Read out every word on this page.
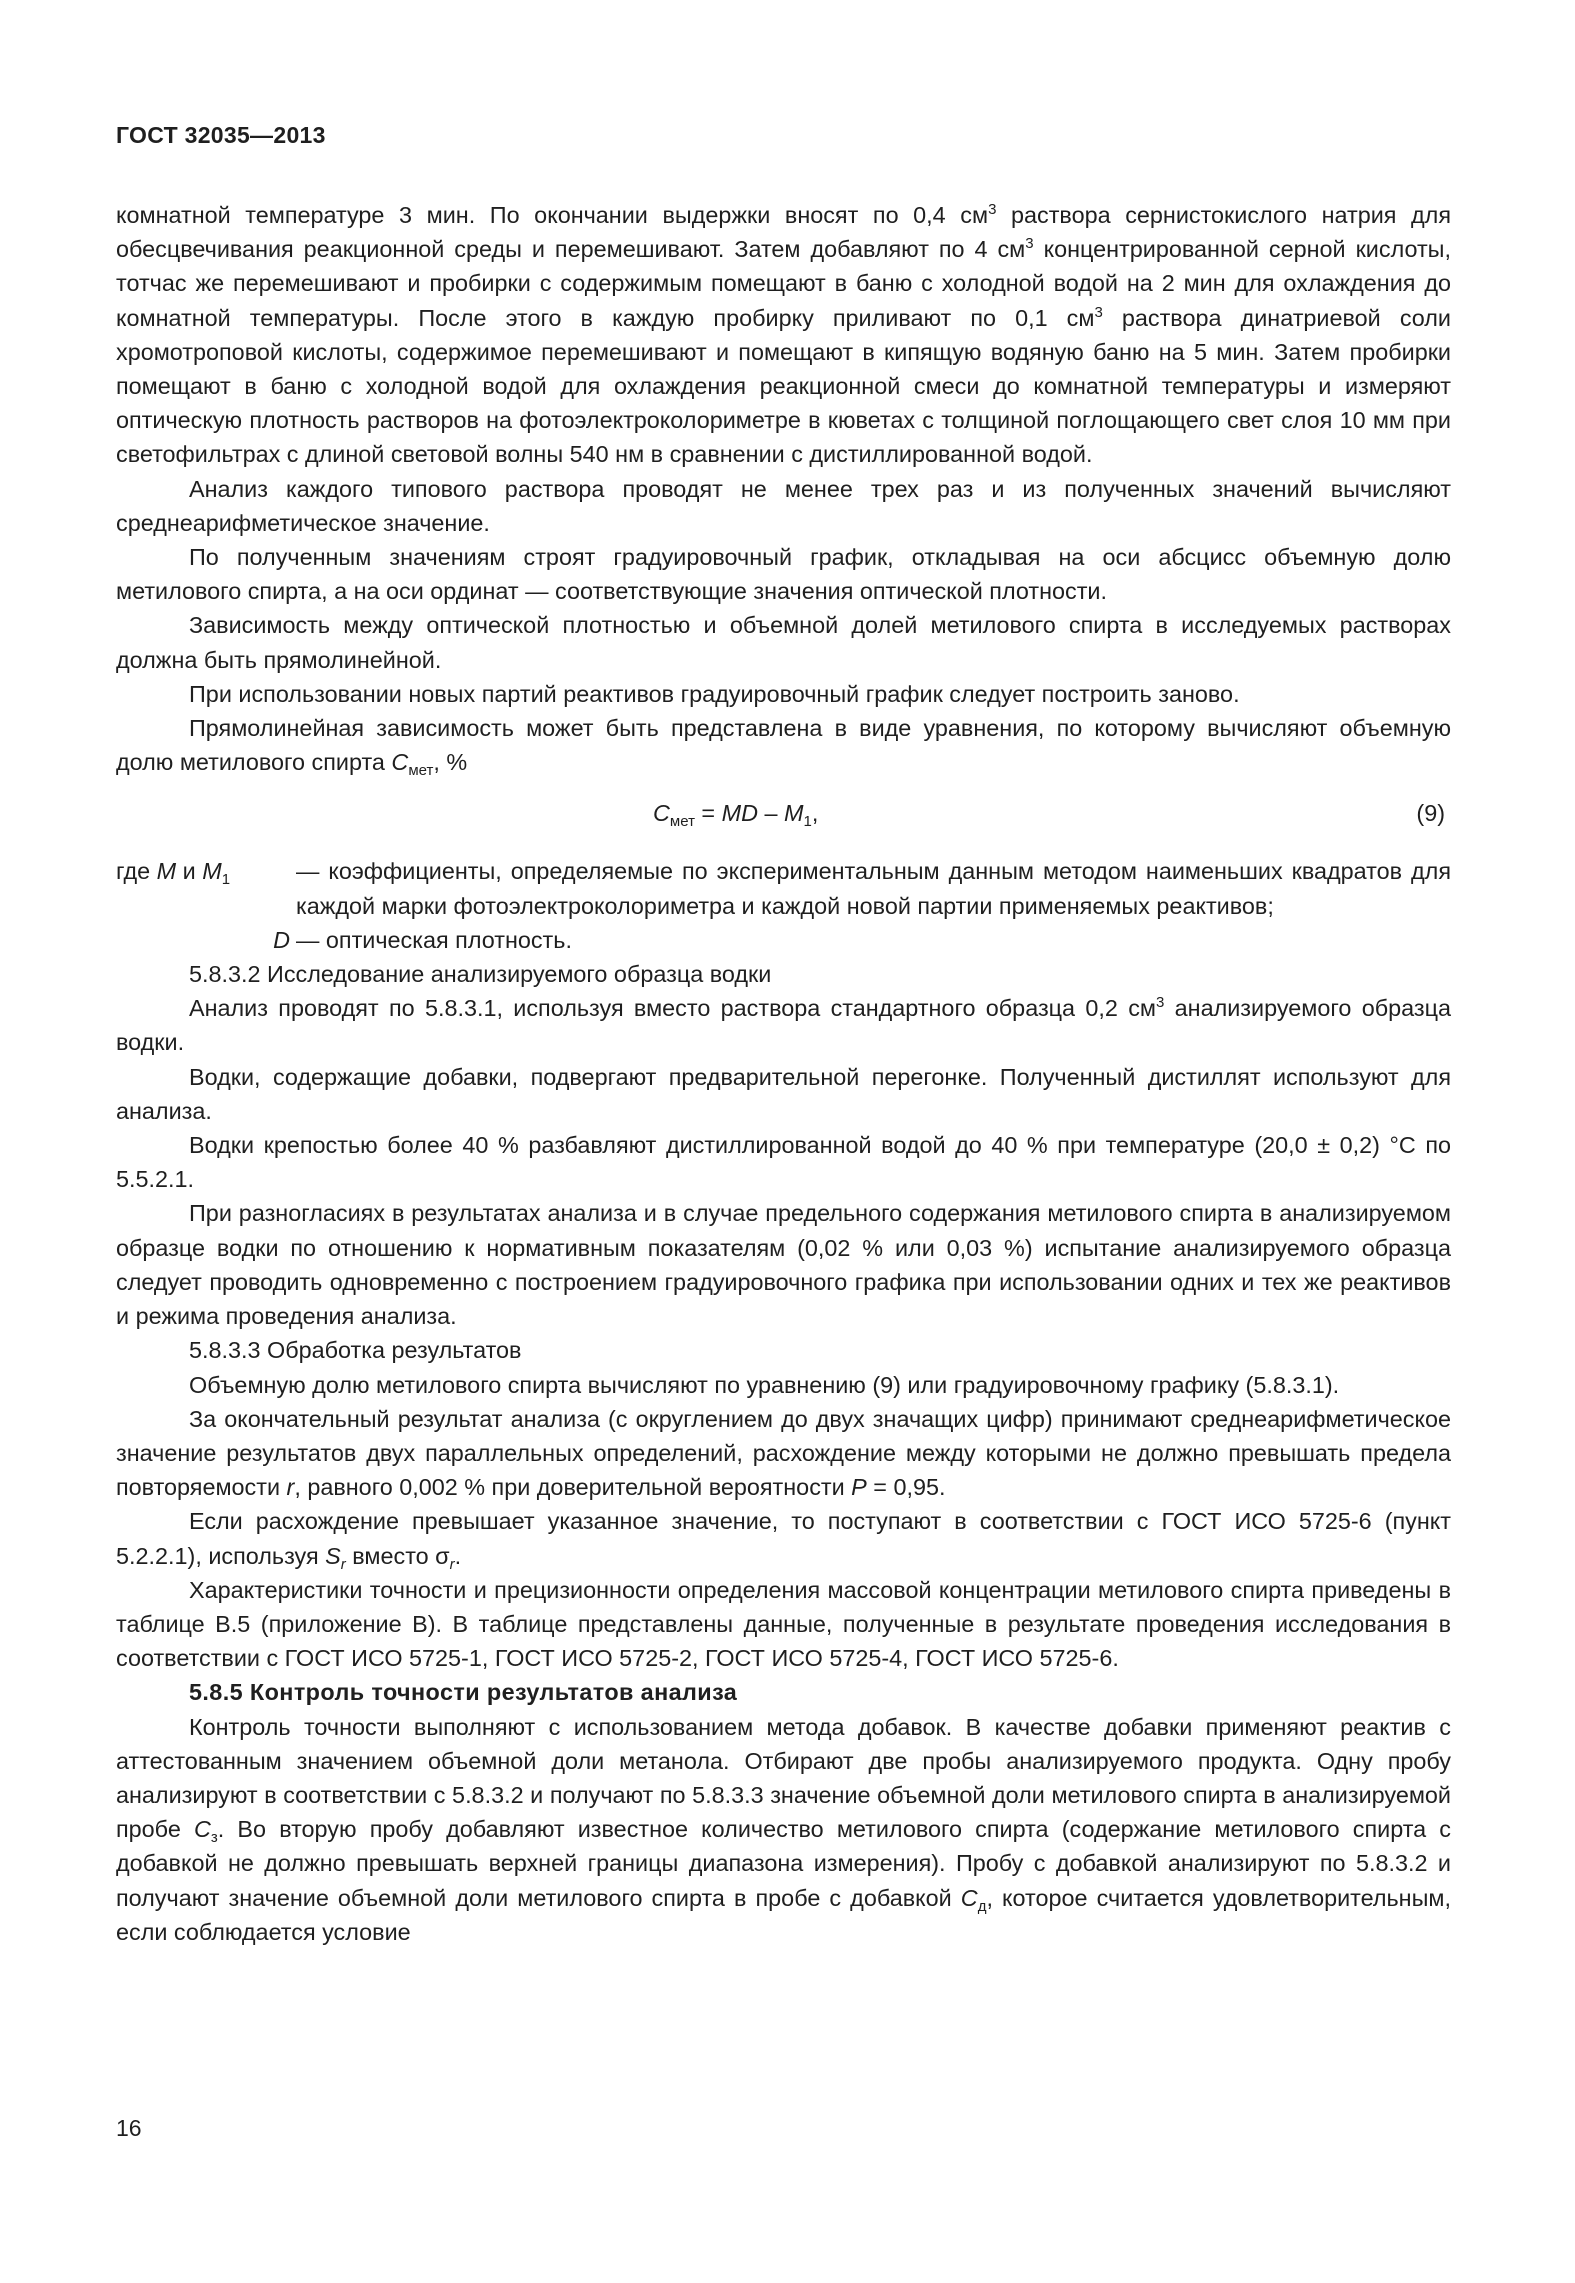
ГОСТ 32035—2013

комнатной температуре 3 мин. По окончании выдержки вносят по 0,4 $см^3$ раствора сернистокислого натрия для обесцвечивания реакционной среды и перемешивают. Затем добавляют по 4 $см^3$ концентрированной серной кислоты, тотчас же перемешивают и пробирки с содержимым помещают в баню с холодной водой на 2 мин для охлаждения до комнатной температуры. После этого в каждую пробирку приливают по 0,1 $см^3$ раствора динатриевой соли хромотроповой кислоты, содержимое перемешивают и помещают в кипящую водяную баню на 5 мин. Затем пробирки помещают в баню с холодной водой для охлаждения реакционной смеси до комнатной температуры и измеряют оптическую плотность растворов на фотоэлектроколориметре в кюветах с толщиной поглощающего свет слоя 10 мм при светофильтрах с длиной световой волны 540 нм в сравнении с дистиллированной водой.

Анализ каждого типового раствора проводят не менее трех раз и из полученных значений вычисляют среднеарифметическое значение.

По полученным значениям строят градуировочный график, откладывая на оси абсцисс объемную долю метилового спирта, а на оси ординат — соответствующие значения оптической плотности.

Зависимость между оптической плотностью и объемной долей метилового спирта в исследуемых растворах должна быть прямолинейной.

При использовании новых партий реактивов градуировочный график следует построить заново.

Прямолинейная зависимость может быть представлена в виде уравнения, по которому вычисляют объемную долю метилового спирта $С_{мет}$, %

$С_{мет}$ = MD – $M_1$,	(9)
где M и $M_1$	— коэффициенты, определяемые по экспериментальным данным методом наименьших квадратов для каждой марки фотоэлектроколориметра и каждой новой партии применяемых реактивов;
D — оптическая плотность.

5.8.3.2 Исследование анализируемого образца водки

Анализ проводят по 5.8.3.1, используя вместо раствора стандартного образца 0,2 $см^3$ анализируемого образца водки.

Водки, содержащие добавки, подвергают предварительной перегонке. Полученный дистиллят используют для анализа.

Водки крепостью более 40 % разбавляют дистиллированной водой до 40 % при температуре (20,0 ± 0,2) °С по 5.5.2.1.

При разногласиях в результатах анализа и в случае предельного содержания метилового спирта в анализируемом образце водки по отношению к нормативным показателям (0,02 % или 0,03 %) испытание анализируемого образца следует проводить одновременно с построением градуировочного графика при использовании одних и тех же реактивов и режима проведения анализа.

5.8.3.3 Обработка результатов

Объемную долю метилового спирта вычисляют по уравнению (9) или градуировочному графику (5.8.3.1).

За окончательный результат анализа (с округлением до двух значащих цифр) принимают среднеарифметическое значение результатов двух параллельных определений, расхождение между которыми не должно превышать предела повторяемости r, равного 0,002 % при доверительной вероятности P = 0,95.

Если расхождение превышает указанное значение, то поступают в соответствии с ГОСТ ИСО 5725-6 (пункт 5.2.2.1), используя $S_r$ вместо $\sigma_r$.

Характеристики точности и прецизионности определения массовой концентрации метилового спирта приведены в таблице В.5 (приложение В). В таблице представлены данные, полученные в результате проведения исследования в соответствии с ГОСТ ИСО 5725-1, ГОСТ ИСО 5725-2, ГОСТ ИСО 5725-4, ГОСТ ИСО 5725-6.

5.8.5 Контроль точности результатов анализа

Контроль точности выполняют с использованием метода добавок. В качестве добавки применяют реактив с аттестованным значением объемной доли метанола. Отбирают две пробы анализируемого продукта. Одну пробу анализируют в соответствии с 5.8.3.2 и получают по 5.8.3.3 значение объемной доли метилового спирта в анализируемой пробе $С_з$. Во вторую пробу добавляют известное количество метилового спирта (содержание метилового спирта с добавкой не должно превышать верхней границы диапазона измерения). Пробу с добавкой анализируют по 5.8.3.2 и получают значение объемной доли метилового спирта в пробе с добавкой $С_д$, которое считается удовлетворительным, если соблюдается условие

16
